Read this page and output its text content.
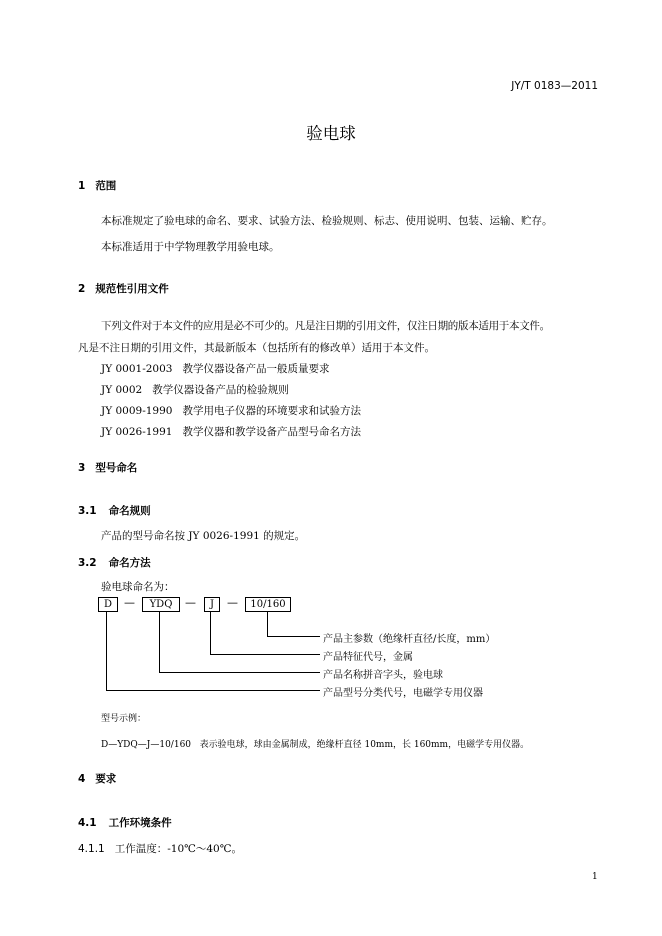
JY/T 0183—2011
验电球
1 范围
本标准规定了验电球的命名、要求、试验方法、检验规则、标志、使用说明、包装、运输、贮存。
本标准适用于中学物理教学用验电球。
2 规范性引用文件
下列文件对于本文件的应用是必不可少的。凡是注日期的引用文件，仅注日期的版本适用于本文件。
凡是不注日期的引用文件，其最新版本（包括所有的修改单）适用于本文件。
JY 0001-2003   教学仪器设备产品一般质量要求
JY 0002   教学仪器设备产品的检验规则
JY 0009-1990   教学用电子仪器的环境要求和试验方法
JY 0026-1991   教学仪器和教学设备产品型号命名方法
3 型号命名
3.1 命名规则
产品的型号命名按 JY 0026-1991 的规定。
3.2 命名方法
验电球命名为：
D	—	YDQ	—	J	—	10/160
产品主参数（绝缘杆直径/长度，mm）
产品特征代号，金属
产品名称拼音字头，验电球
产品型号分类代号，电磁学专用仪器
型号示例：
D—YDQ—J—10/160   表示验电球，球由金属制成，绝缘杆直径 10mm，长 160mm，电磁学专用仪器。
4 要求
4.1 工作环境条件
4.1.1 工作温度：-10℃～40℃。
1
